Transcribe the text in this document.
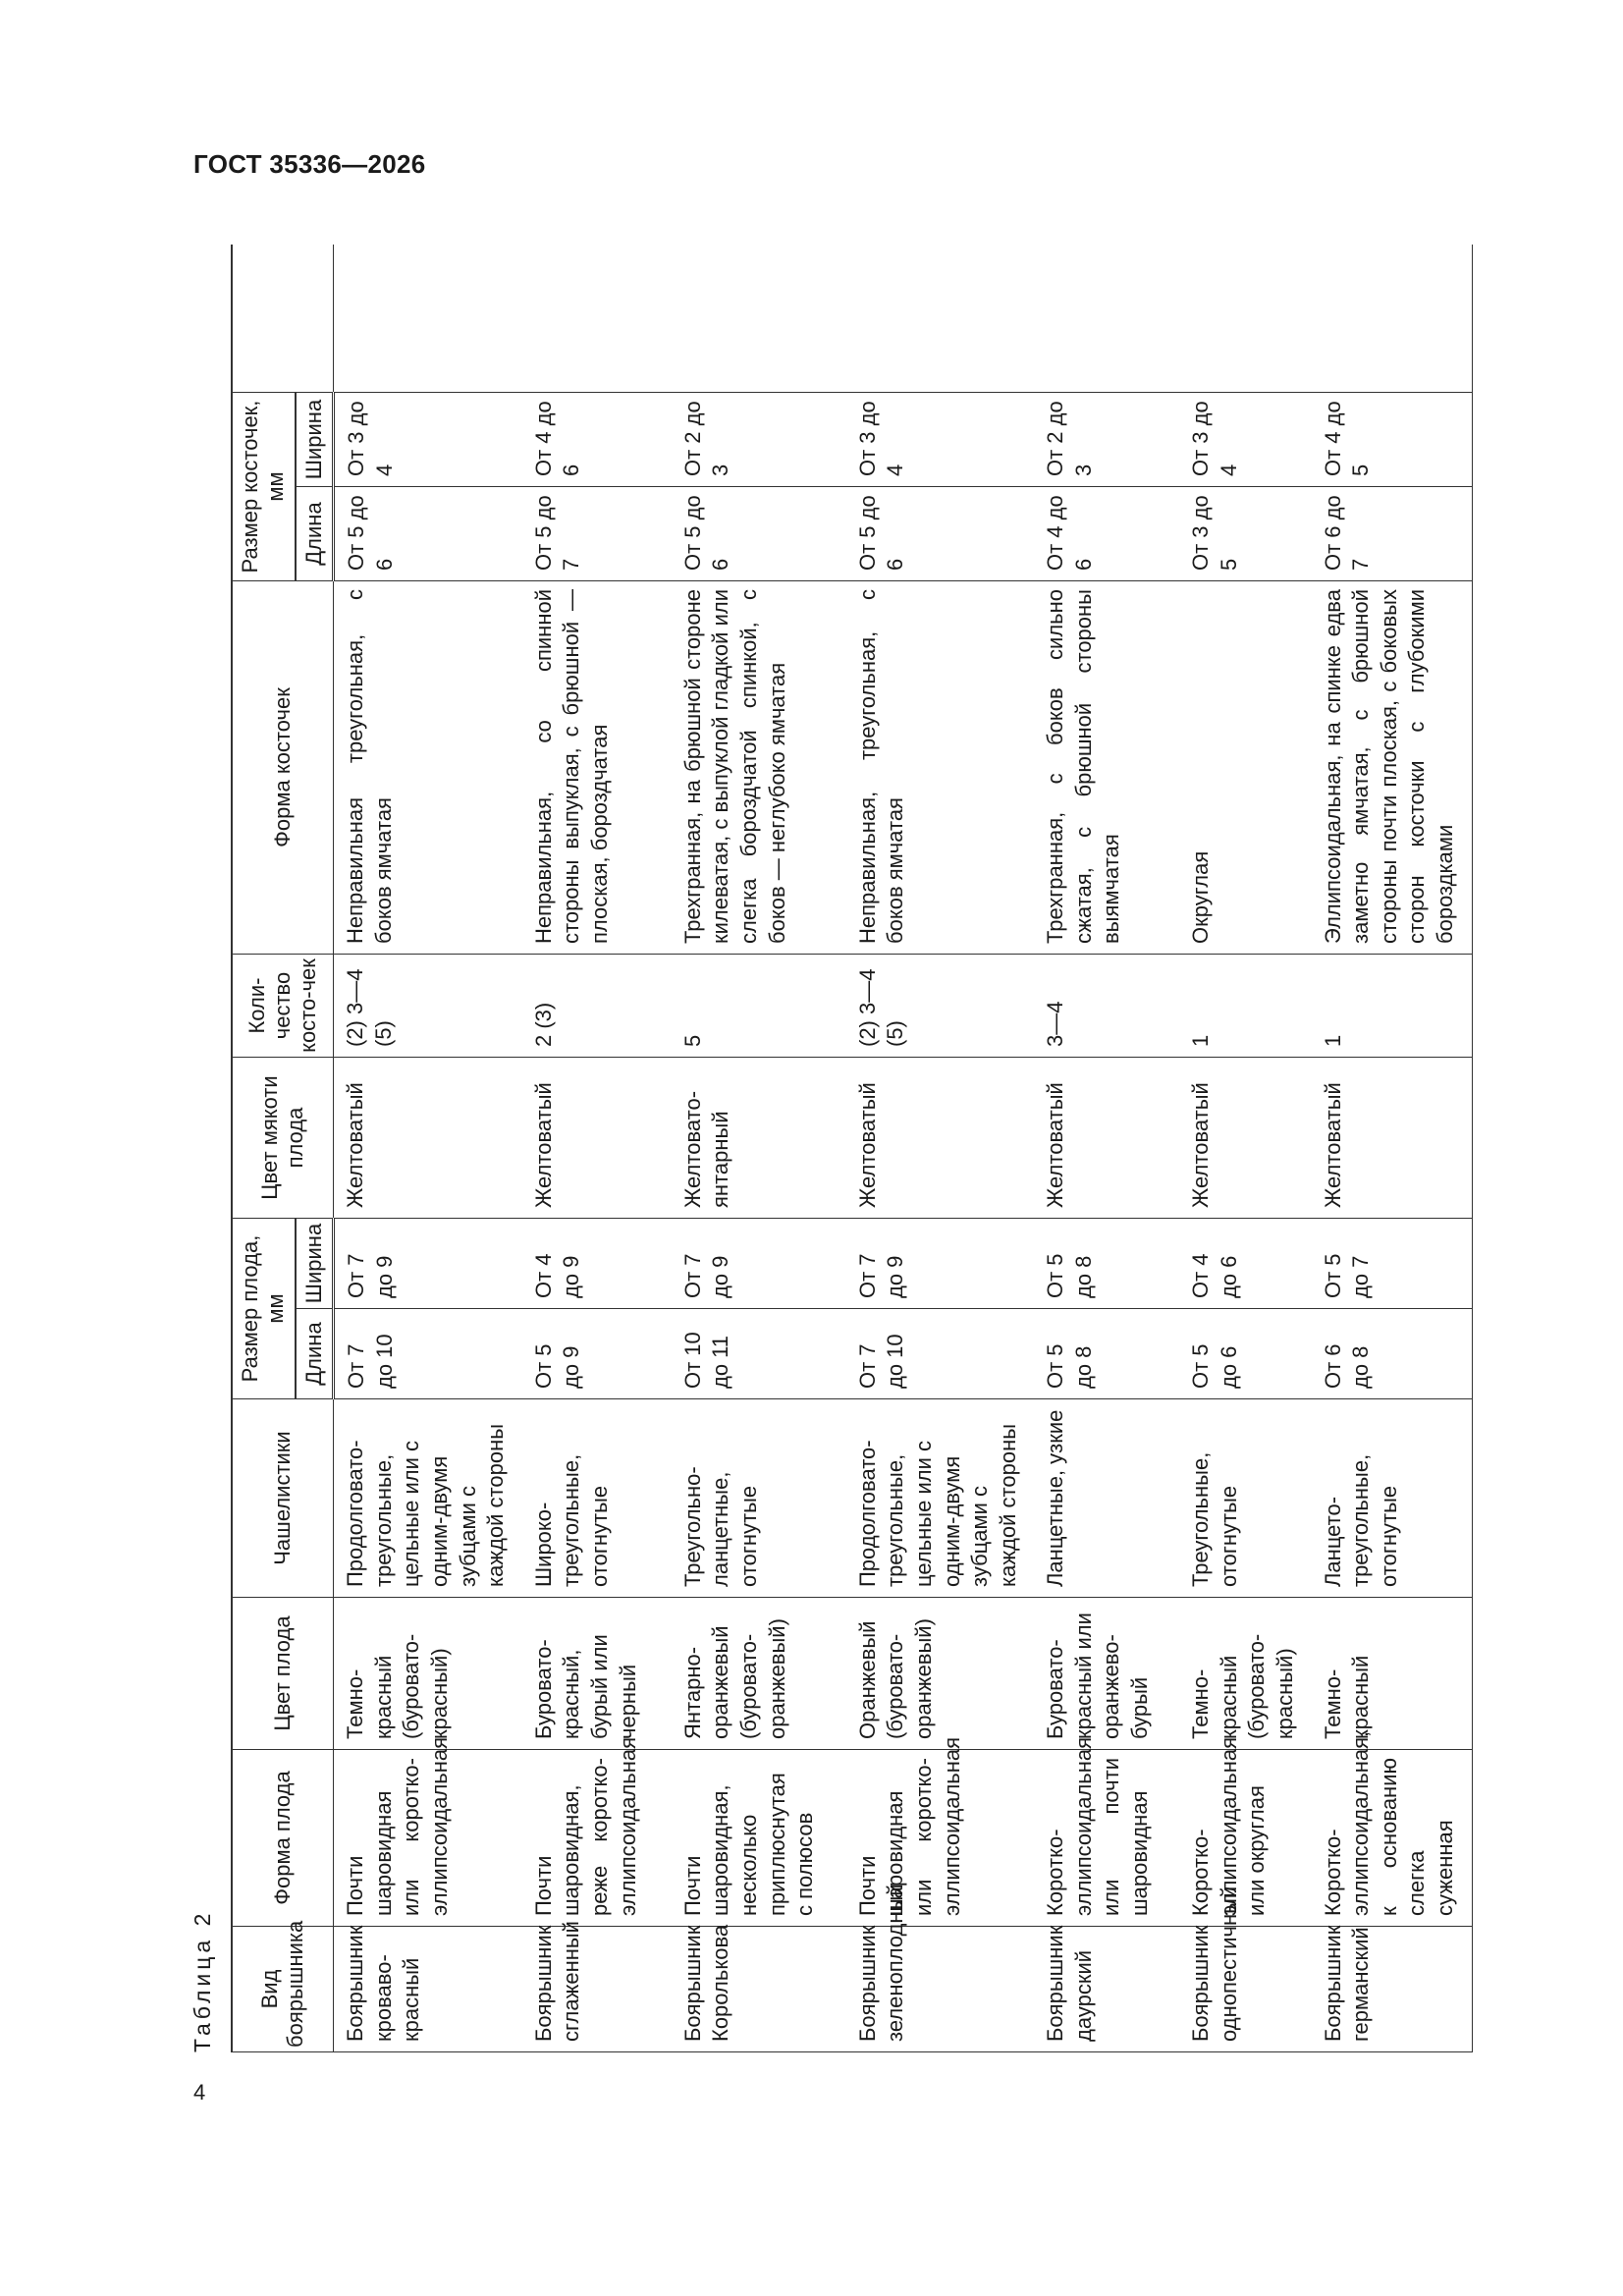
ГОСТ 35336—2026
Таблица 2 Вид боярышника	Форма плода	Цвет плода	Чашелистики	Размер плода, мм		Цвет мякоти плода	Коли-чество косто-чек	Форма косточек	Размер косточек, мм		
				Длина	Ширина				Длина	Ширина	
Боярышник кроваво-красный	Почти шаровидная или коротко-эллипсоидальная	Темно-красный (буровато-красный)	Продолговато-треугольные, цельные или с одним-двумя зубцами с каждой стороны	От 7 до 10	От 7 до 9	Желтоватый	(2) 3—4 (5)	Неправильная треугольная, с боков ямчатая	От 5 до 6	От 3 до 4	
Боярышник сглаженный	Почти шаровидная, реже коротко-эллипсоидальная	Буровато-красный, бурый или черный	Широко-треугольные, отогнутые	От 5 до 9	От 4 до 9	Желтоватый	2 (3)	Неправильная, со спинной стороны выпуклая, с брюшной — плоская, бороздчатая	От 5 до 7	От 4 до 6	
Боярышник Королькова	Почти шаровидная, несколько приплюснутая с полюсов	Янтарно-оранжевый (буровато-оранжевый)	Треугольно-ланцетные, отогнутые	От 10 до 11	От 7 до 9	Желтовато-янтарный	5	Трехгранная, на брюшной стороне килеватая, с выпуклой гладкой или слегка бороздчатой спинкой, с боков — неглубоко ямчатая	От 5 до 6	От 2 до 3	
Боярышник зеленоплодный	Почти шаровидная или коротко-эллипсоидальная	Оранжевый (буровато-оранжевый)	Продолговато-треугольные, цельные или с одним-двумя зубцами с каждой стороны	От 7 до 10	От 7 до 9	Желтоватый	(2) 3—4 (5)	Неправильная, треугольная, с боков ямчатая	От 5 до 6	От 3 до 4	
Боярышник даурский	Коротко-эллипсоидальная или почти шаровидная	Буровато-красный или оранжево-бурый	Ланцетные, узкие	От 5 до 8	От 5 до 8	Желтоватый	3—4	Трехгранная, с боков сильно сжатая, с брюшной стороны выямчатая	От 4 до 6	От 2 до 3	
Боярышник однопестичный	Коротко-эллипсоидальная или округлая	Темно-красный (буровато-красный)	Треугольные, отогнутые	От 5 до 6	От 4 до 6	Желтоватый	1	Округлая	От 3 до 5	От 3 до 4	
Боярышник германский	Коротко-эллипсоидальная, к основанию слегка суженная	Темно-красный	Ланцето-треугольные, отогнутые	От 6 до 8	От 5 до 7	Желтоватый	1	Эллипсоидальная, на спинке едва заметно ямчатая, с брюшной стороны почти плоская, с боковых сторон косточки с глубокими бороздками	От 6 до 7	От 4 до 5	
4
